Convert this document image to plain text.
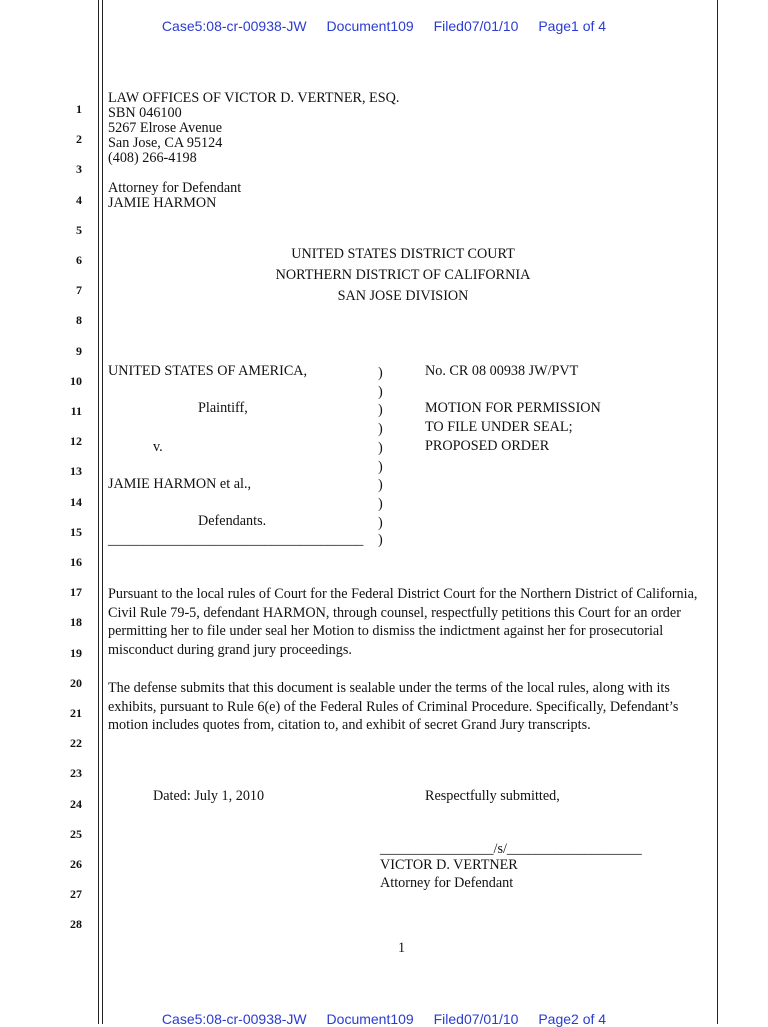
Case5:08-cr-00938-JW Document109 Filed07/01/10 Page1 of 4
1
2
3
4
5
6
7
8
9
10
11
12
13
14
15
16
17
18
19
20
21
22
23
24
25
26
27
28
LAW OFFICES OF VICTOR D. VERTNER, ESQ.
SBN 046100
5267 Elrose Avenue
San Jose, CA 95124
(408) 266-4198
Attorney for Defendant
JAMIE HARMON
UNITED STATES DISTRICT COURT
NORTHERN DISTRICT OF CALIFORNIA
SAN JOSE DIVISION
UNITED STATES OF AMERICA,
Plaintiff,
v.
JAMIE HARMON et al.,
Defendants.
____________________________________
)
)
)
)
)
)
)
)
)
)
No. CR 08 00938 JW/PVT
MOTION FOR PERMISSION
TO FILE UNDER SEAL;
PROPOSED ORDER
Pursuant to the local rules of Court for the Federal District Court for the Northern District of California, Civil Rule 79-5, defendant HARMON, through counsel, respectfully petitions this Court for an order permitting her to file under seal her Motion to dismiss the indictment against her for prosecutorial misconduct during grand jury proceedings.
The defense submits that this document is sealable under the terms of the local rules, along with its exhibits, pursuant to Rule 6(e) of the Federal Rules of Criminal Procedure. Specifically, Defendant’s motion includes quotes from, citation to, and exhibit of secret Grand Jury transcripts.
Dated: July 1, 2010	Respectfully submitted,
________________/s/___________________
VICTOR D. VERTNER
Attorney for Defendant
1
Case5:08-cr-00938-JW Document109 Filed07/01/10 Page2 of 4
